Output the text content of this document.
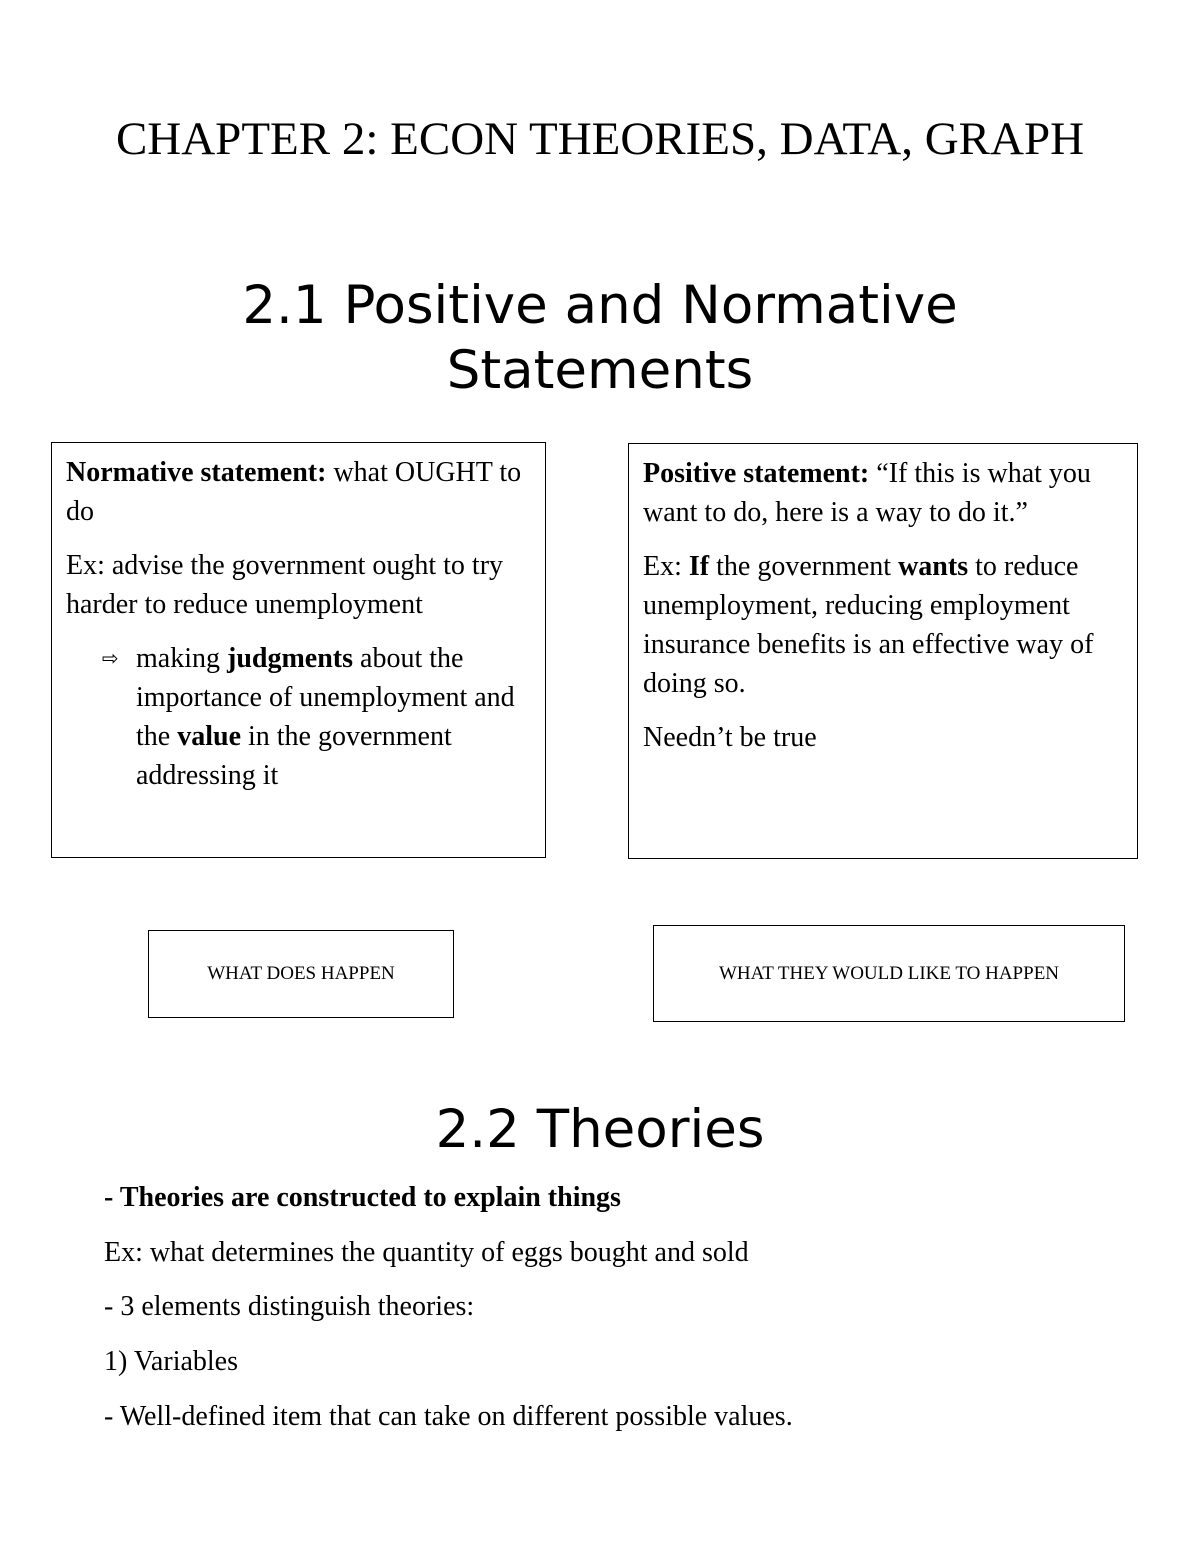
CHAPTER 2: ECON THEORIES, DATA, GRAPH
2.1 Positive and Normative Statements

Normative statement: what OUGHT to do

Ex: advise the government ought to try harder to reduce unemployment

⇨ making judgments about the importance of unemployment and the value in the government addressing it

Positive statement: “If this is what you want to do, here is a way to do it.”

Ex: If the government wants to reduce unemployment, reducing employment insurance benefits is an effective way of doing so.

Needn’t be true

WHAT DOES HAPPEN	WHAT THEY WOULD LIKE TO HAPPEN
2.2 Theories
- Theories are constructed to explain things
Ex: what determines the quantity of eggs bought and sold
- 3 elements distinguish theories:
1) Variables
- Well-defined item that can take on different possible values.
